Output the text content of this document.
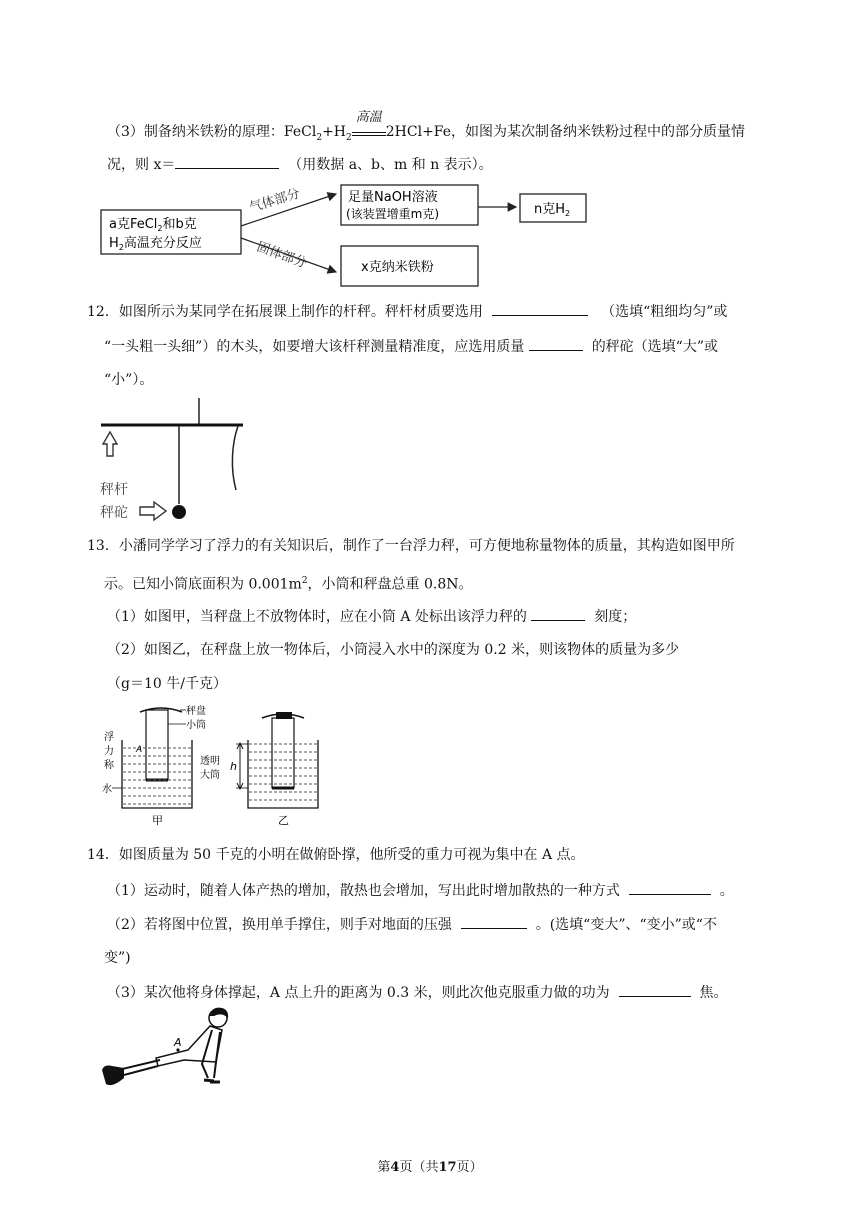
（3）制备纳米铁粉的原理：$FeCl_2+H_2$
高温
2HCl+Fe，如图为某次制备纳米铁粉过程中的部分质量情
况，则 x＝	（用数据 a、b、m 和 n 表示）。
a克FeCl$_2$和b克
$H_2$高温充分反应
气体部分
固体部分
足量NaOH溶液
(该装置增重m克)	n克$H_2$
x克纳米铁粉
12．如图所示为某同学在拓展课上制作的杆秤。秤杆材质要选用	（选填“粗细均匀”或
“一头粗一头细”）的木头，如要增大该杆秤测量精准度，应选用质量	的秤砣（选填“大”或
“小”）。
秤杆
秤砣
13．小潘同学学习了浮力的有关知识后，制作了一台浮力秤，可方便地称量物体的质量，其构造如图甲所
示。已知小筒底面积为 $0.001m^2$，小筒和秤盘总重 0.8N。
（1）如图甲，当秤盘上不放物体时，应在小筒 A 处标出该浮力秤的	刻度；
（2）如图乙，在秤盘上放一物体后，小筒浸入水中的深度为 0.2 米，则该物体的质量为多少
（g＝10 牛/千克）
秤盘
小筒
透明
大筒
浮
力
称
水
A
甲
h
乙
14．如图质量为 50 千克的小明在做俯卧撑，他所受的重力可视为集中在 A 点。
（1）运动时，随着人体产热的增加，散热也会增加，写出此时增加散热的一种方式	。
（2）若将图中位置，换用单手撑住，则手对地面的压强	。(选填“变大”、“变小”或“不
变”)
（3）某次他将身体撑起，A 点上升的距离为 0.3 米，则此次他克服重力做的功为	焦。
A
第4页（共17页）
